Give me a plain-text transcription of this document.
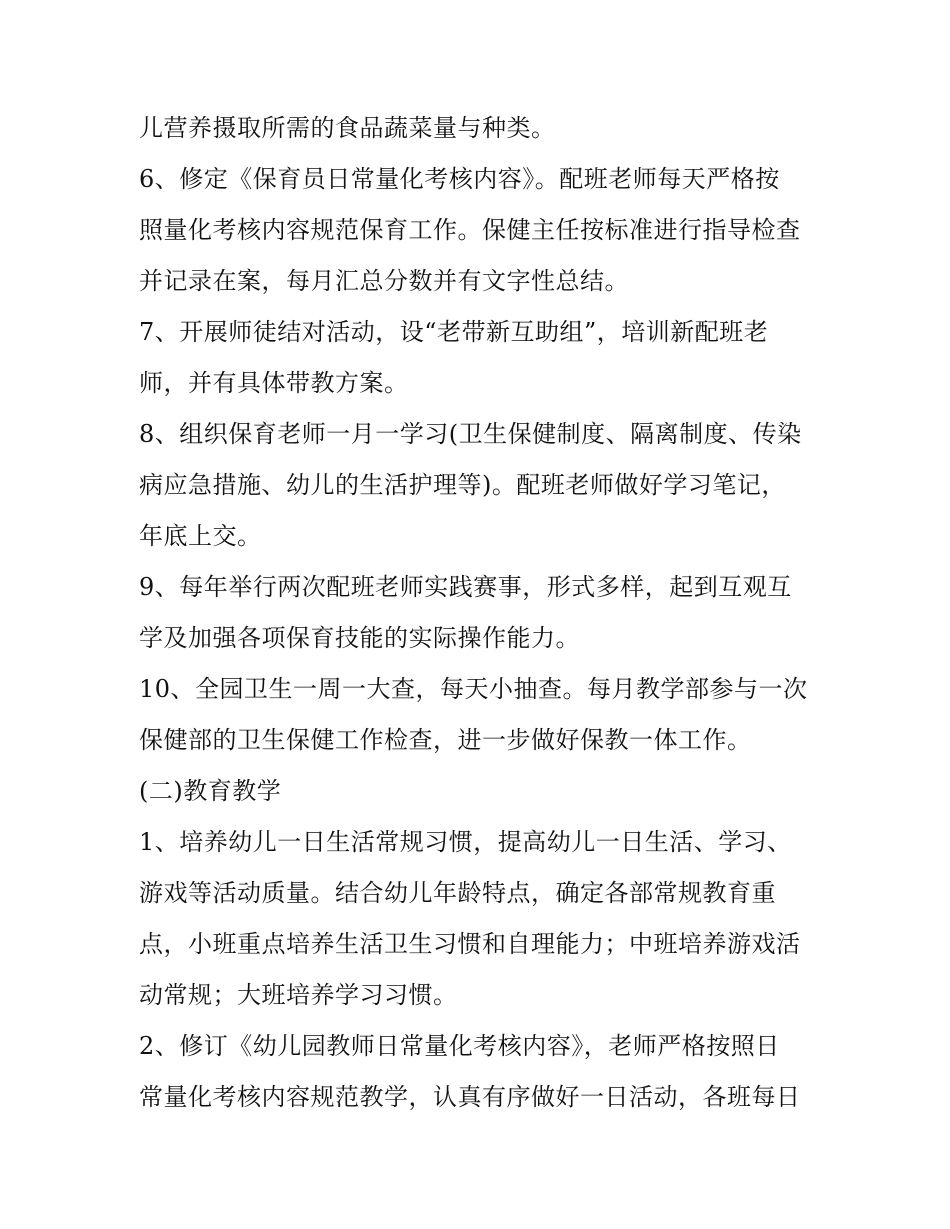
儿营养摄取所需的食品蔬菜量与种类。
6、修定《保育员日常量化考核内容》。配班老师每天严格按
照量化考核内容规范保育工作。保健主任按标准进行指导检查
并记录在案，每月汇总分数并有文字性总结。
7、开展师徒结对活动，设“老带新互助组”，培训新配班老
师，并有具体带教方案。
8、组织保育老师一月一学习(卫生保健制度、隔离制度、传染
病应急措施、幼儿的生活护理等)。配班老师做好学习笔记，
年底上交。
9、每年举行两次配班老师实践赛事，形式多样，起到互观互
学及加强各项保育技能的实际操作能力。
10、全园卫生一周一大查，每天小抽查。每月教学部参与一次
保健部的卫生保健工作检查，进一步做好保教一体工作。
(二)教育教学
1、培养幼儿一日生活常规习惯，提高幼儿一日生活、学习、
游戏等活动质量。结合幼儿年龄特点，确定各部常规教育重
点，小班重点培养生活卫生习惯和自理能力；中班培养游戏活
动常规；大班培养学习习惯。
2、修订《幼儿园教师日常量化考核内容》，老师严格按照日
常量化考核内容规范教学，认真有序做好一日活动，各班每日
